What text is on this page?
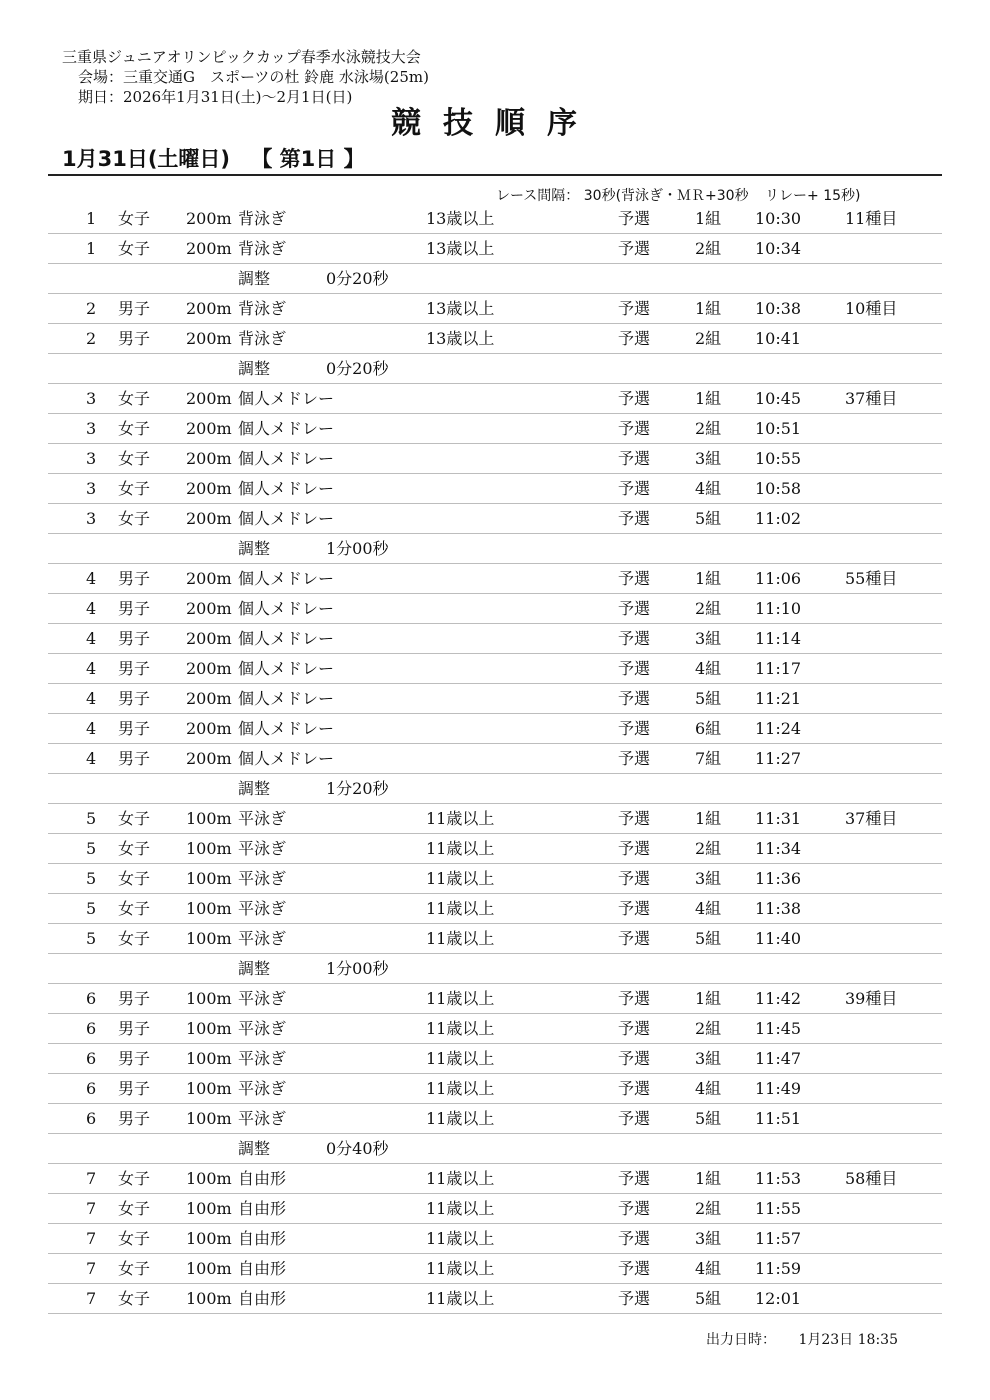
三重県ジュニアオリンピックカップ春季水泳競技大会
会場：三重交通G　スポーツの杜 鈴鹿 水泳場(25m)
期日：2026年1月31日(土)～2月1日(日)
競技順序
1月31日(土曜日) 【 第1日 】
レース間隔： 30秒(背泳ぎ・ＭＲ+30秒 リレー+ 15秒)
1 女子 200m 背泳ぎ	13歳以上	予選	1組 10:30	11種目
1 女子 200m 背泳ぎ	13歳以上	予選	2組 10:34
調整	0分20秒
2 男子 200m 背泳ぎ	13歳以上	予選	1組 10:38	10種目
2 男子 200m 背泳ぎ	13歳以上	予選	2組 10:41
調整	0分20秒
3 女子 200m 個人メドレー	予選	1組 10:45	37種目
3 女子 200m 個人メドレー	予選	2組 10:51
3 女子 200m 個人メドレー	予選	3組 10:55
3 女子 200m 個人メドレー	予選	4組 10:58
3 女子 200m 個人メドレー	予選	5組 11:02
調整	1分00秒
4 男子 200m 個人メドレー	予選	1組 11:06	55種目
4 男子 200m 個人メドレー	予選	2組 11:10
4 男子 200m 個人メドレー	予選	3組 11:14
4 男子 200m 個人メドレー	予選	4組 11:17
4 男子 200m 個人メドレー	予選	5組 11:21
4 男子 200m 個人メドレー	予選	6組 11:24
4 男子 200m 個人メドレー	予選	7組 11:27
調整	1分20秒
5 女子 100m 平泳ぎ	11歳以上	予選	1組 11:31	37種目
5 女子 100m 平泳ぎ	11歳以上	予選	2組 11:34
5 女子 100m 平泳ぎ	11歳以上	予選	3組 11:36
5 女子 100m 平泳ぎ	11歳以上	予選	4組 11:38
5 女子 100m 平泳ぎ	11歳以上	予選	5組 11:40
調整	1分00秒
6 男子 100m 平泳ぎ	11歳以上	予選	1組 11:42	39種目
6 男子 100m 平泳ぎ	11歳以上	予選	2組 11:45
6 男子 100m 平泳ぎ	11歳以上	予選	3組 11:47
6 男子 100m 平泳ぎ	11歳以上	予選	4組 11:49
6 男子 100m 平泳ぎ	11歳以上	予選	5組 11:51
調整	0分40秒
7 女子 100m 自由形	11歳以上	予選	1組 11:53	58種目
7 女子 100m 自由形	11歳以上	予選	2組 11:55
7 女子 100m 自由形	11歳以上	予選	3組 11:57
7 女子 100m 自由形	11歳以上	予選	4組 11:59
7 女子 100m 自由形	11歳以上	予選	5組 12:01
出力日時： 1月23日 18:35
